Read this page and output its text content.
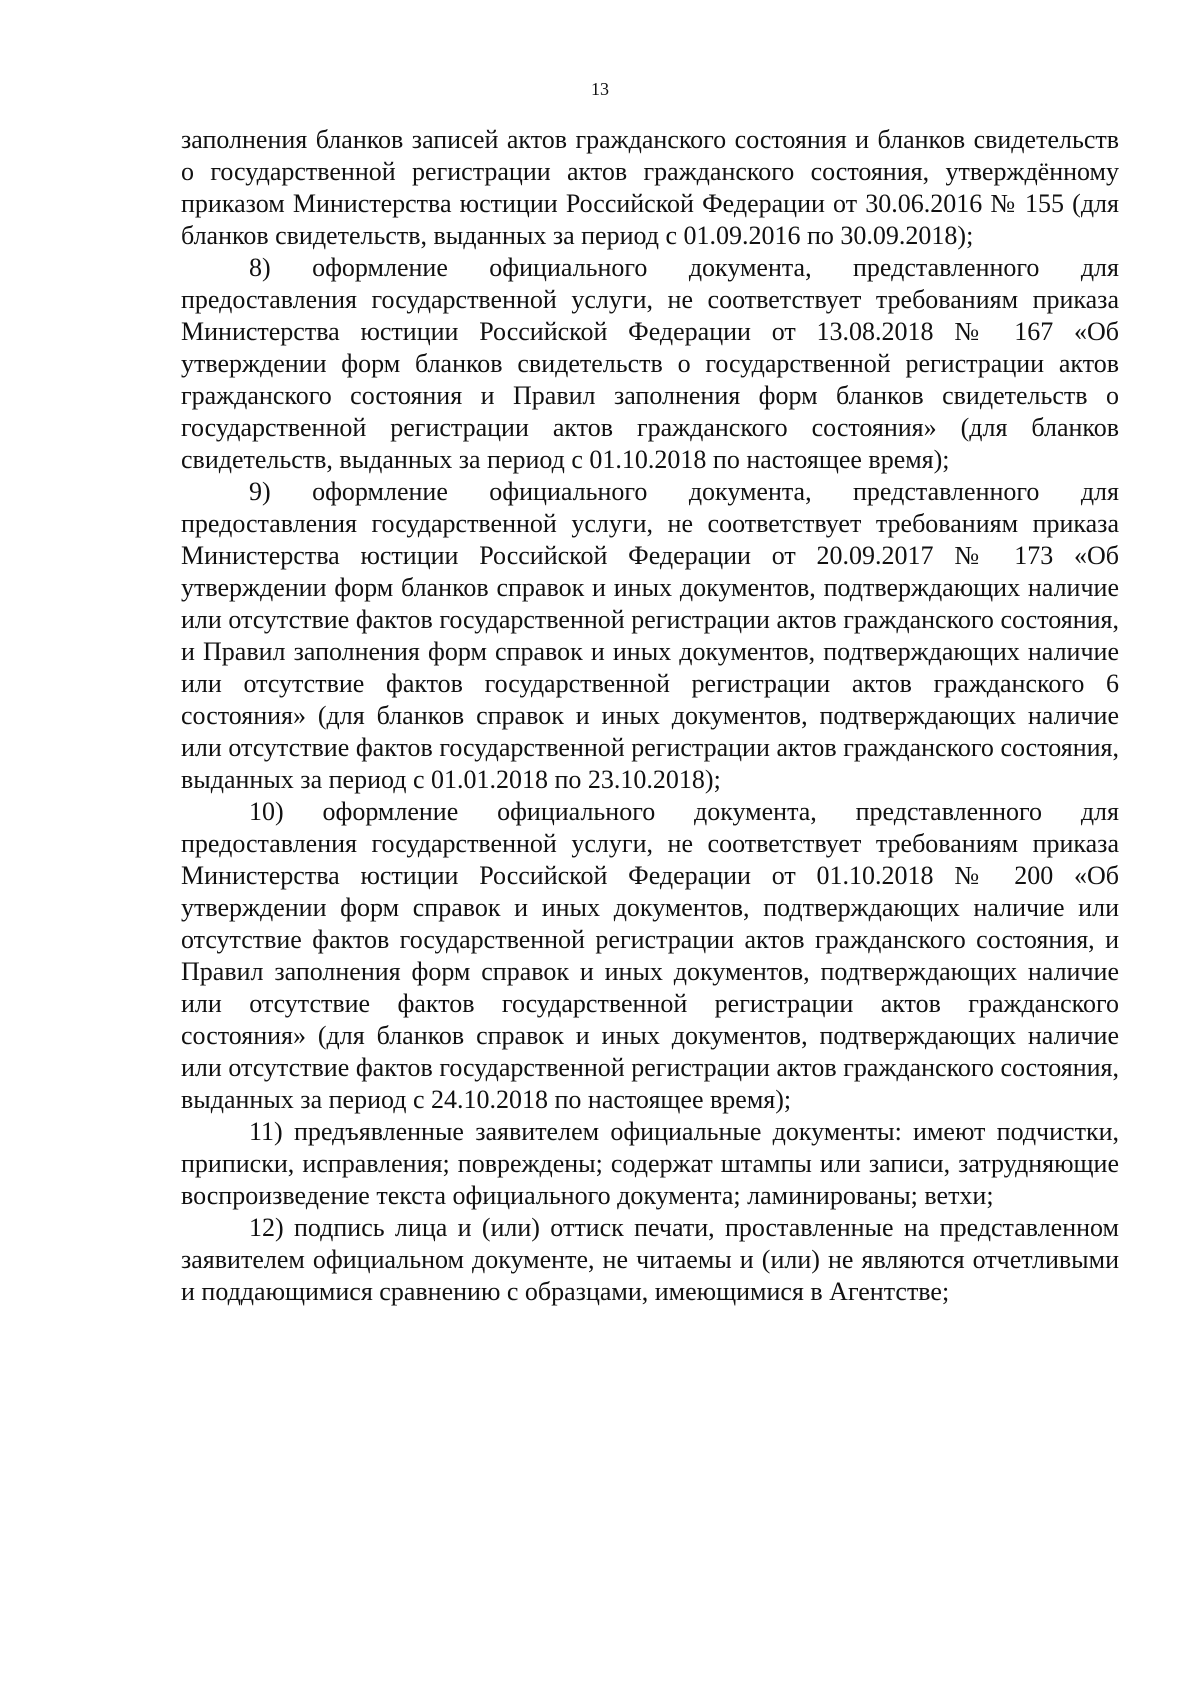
13

заполнения бланков записей актов гражданского состояния и бланков свидетельств о государственной регистрации актов гражданского состояния, утверждённому приказом Министерства юстиции Российской Федерации от 30.06.2016 № 155 (для бланков свидетельств, выданных за период с 01.09.2016 по 30.09.2018);

8) оформление официального документа, представленного для предоставления государственной услуги, не соответствует требованиям приказа Министерства юстиции Российской Федерации от 13.08.2018 № 167 «Об утверждении форм бланков свидетельств о государственной регистрации актов гражданского состояния и Правил заполнения форм бланков свидетельств о государственной регистрации актов гражданского состояния» (для бланков свидетельств, выданных за период с 01.10.2018 по настоящее время);

9) оформление официального документа, представленного для предоставления государственной услуги, не соответствует требованиям приказа Министерства юстиции Российской Федерации от 20.09.2017 № 173 «Об утверждении форм бланков справок и иных документов, подтверждающих наличие или отсутствие фактов государственной регистрации актов гражданского состояния, и Правил заполнения форм справок и иных документов, подтверждающих наличие или отсутствие фактов государственной регистрации актов гражданского 6 состояния» (для бланков справок и иных документов, подтверждающих наличие или отсутствие фактов государственной регистрации актов гражданского состояния, выданных за период с 01.01.2018 по 23.10.2018);

10) оформление официального документа, представленного для предоставления государственной услуги, не соответствует требованиям приказа Министерства юстиции Российской Федерации от 01.10.2018 № 200 «Об утверждении форм справок и иных документов, подтверждающих наличие или отсутствие фактов государственной регистрации актов гражданского состояния, и Правил заполнения форм справок и иных документов, подтверждающих наличие или отсутствие фактов государственной регистрации актов гражданского состояния» (для бланков справок и иных документов, подтверждающих наличие или отсутствие фактов государственной регистрации актов гражданского состояния, выданных за период с 24.10.2018 по настоящее время);

11) предъявленные заявителем официальные документы: имеют подчистки, приписки, исправления; повреждены; содержат штампы или записи, затрудняющие воспроизведение текста официального документа; ламинированы; ветхи;

12) подпись лица и (или) оттиск печати, проставленные на представленном заявителем официальном документе, не читаемы и (или) не являются отчетливыми и поддающимися сравнению с образцами, имеющимися в Агентстве;
